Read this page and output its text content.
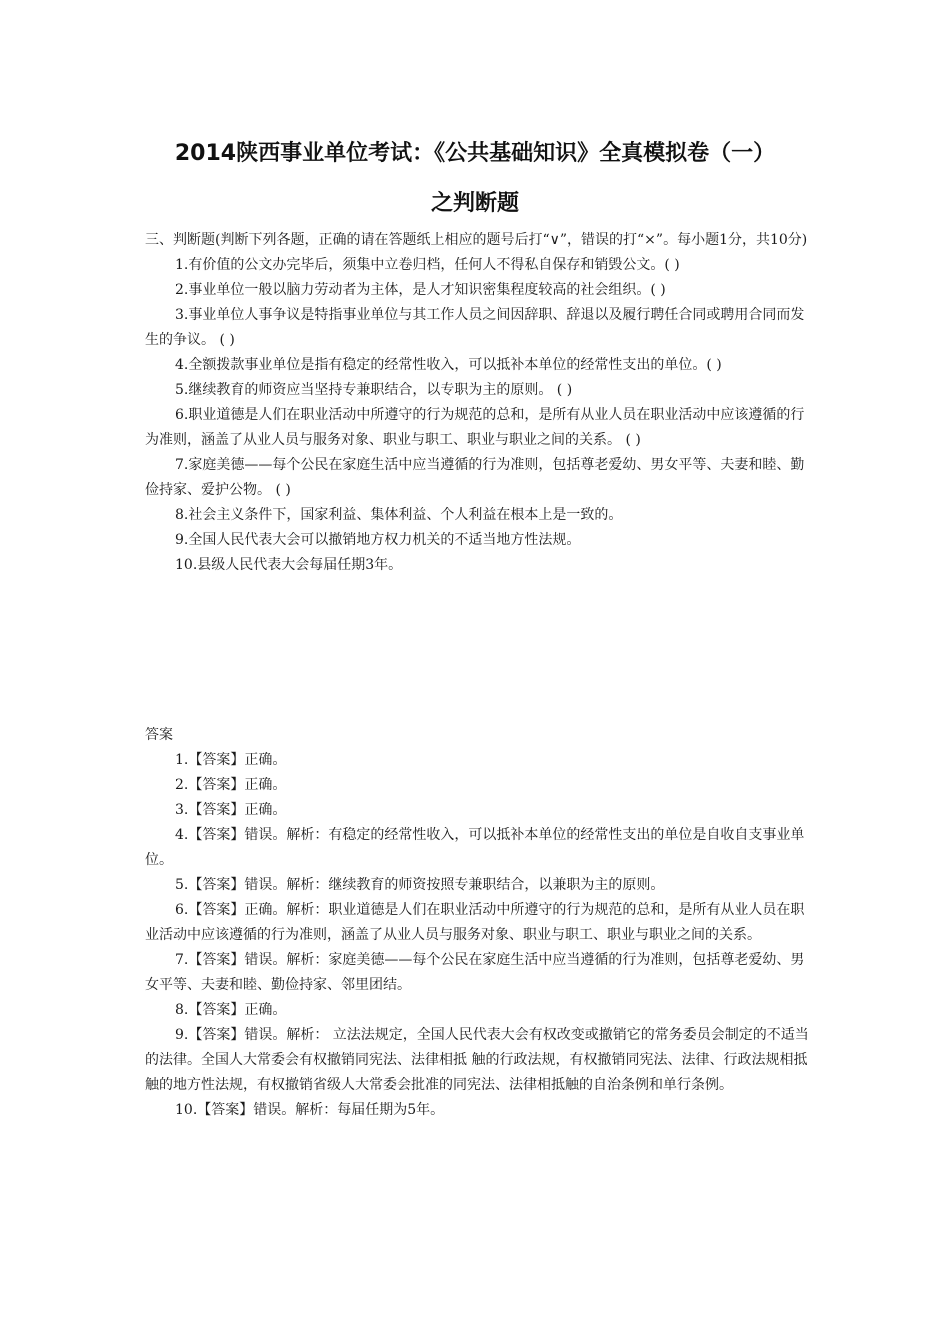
2014陕西事业单位考试：《公共基础知识》全真模拟卷（一）
之判断题

三、判断题(判断下列各题，正确的请在答题纸上相应的题号后打“∨”，错误的打“×”。每小题1分，共10分)

1.有价值的公文办完毕后，须集中立卷归档，任何人不得私自保存和销毁公文。( )

2.事业单位一般以脑力劳动者为主体，是人才知识密集程度较高的社会组织。( )

3.事业单位人事争议是特指事业单位与其工作人员之间因辞职、辞退以及履行聘任合同或聘用合同而发生的争议。 ( )

4.全额拨款事业单位是指有稳定的经常性收入，可以抵补本单位的经常性支出的单位。( )

5.继续教育的师资应当坚持专兼职结合，以专职为主的原则。 ( )

6.职业道德是人们在职业活动中所遵守的行为规范的总和，是所有从业人员在职业活动中应该遵循的行为准则，涵盖了从业人员与服务对象、职业与职工、职业与职业之间的关系。 ( )

7.家庭美德——每个公民在家庭生活中应当遵循的行为准则，包括尊老爱幼、男女平等、夫妻和睦、勤俭持家、爱护公物。 ( )

8.社会主义条件下，国家利益、集体利益、个人利益在根本上是一致的。

9.全国人民代表大会可以撤销地方权力机关的不适当地方性法规。

10.县级人民代表大会每届任期3年。

答案

1.【答案】正确。

2.【答案】正确。

3.【答案】正确。

4.【答案】错误。解析：有稳定的经常性收入，可以抵补本单位的经常性支出的单位是自收自支事业单位。

5.【答案】错误。解析：继续教育的师资按照专兼职结合，以兼职为主的原则。

6.【答案】正确。解析：职业道德是人们在职业活动中所遵守的行为规范的总和，是所有从业人员在职业活动中应该遵循的行为准则，涵盖了从业人员与服务对象、职业与职工、职业与职业之间的关系。

7.【答案】错误。解析：家庭美德——每个公民在家庭生活中应当遵循的行为准则，包括尊老爱幼、男女平等、夫妻和睦、勤俭持家、邻里团结。

8.【答案】正确。

9.【答案】错误。解析： 立法法规定，全国人民代表大会有权改变或撤销它的常务委员会制定的不适当的法律。全国人大常委会有权撤销同宪法、法律相抵 触的行政法规，有权撤销同宪法、法律、行政法规相抵触的地方性法规，有权撤销省级人大常委会批准的同宪法、法律相抵触的自治条例和单行条例。

10.【答案】错误。解析：每届任期为5年。
